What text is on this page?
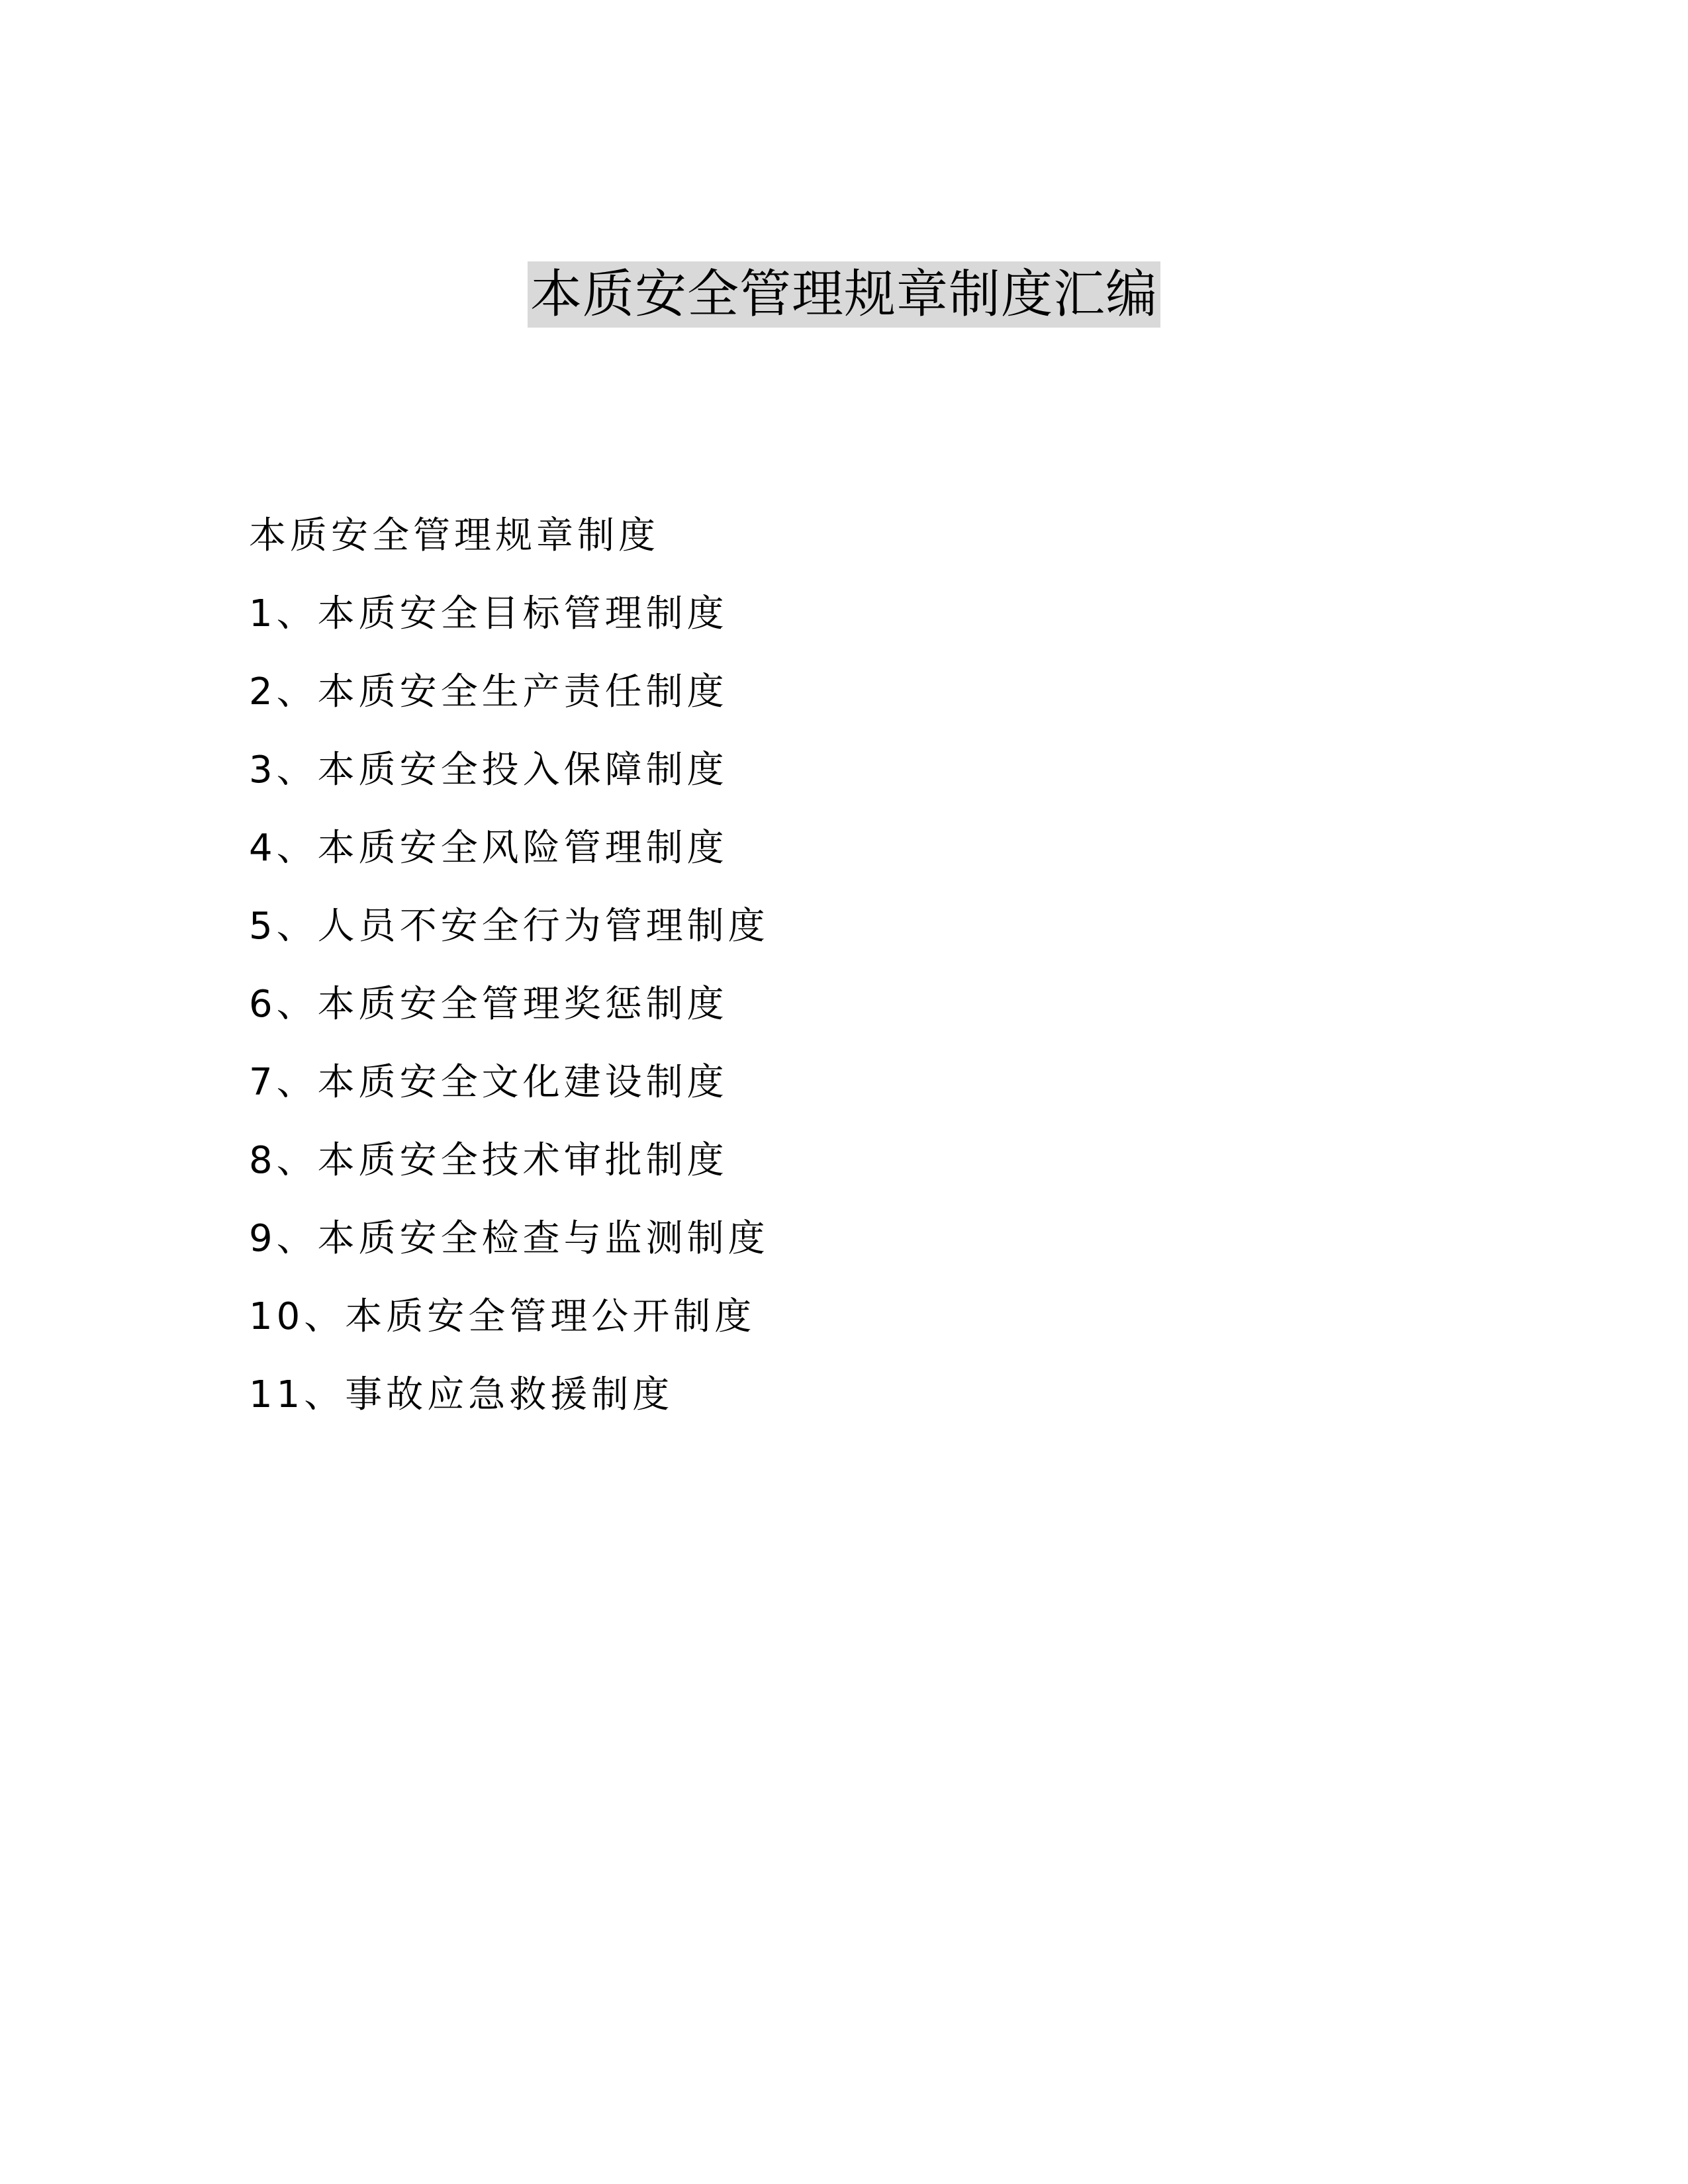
本质安全管理规章制度汇编
本质安全管理规章制度
1、本质安全目标管理制度
2、本质安全生产责任制度
3、本质安全投入保障制度
4、本质安全风险管理制度
5、人员不安全行为管理制度
6、本质安全管理奖惩制度
7、本质安全文化建设制度
8、本质安全技术审批制度
9、本质安全检查与监测制度
10、本质安全管理公开制度
11、事故应急救援制度
